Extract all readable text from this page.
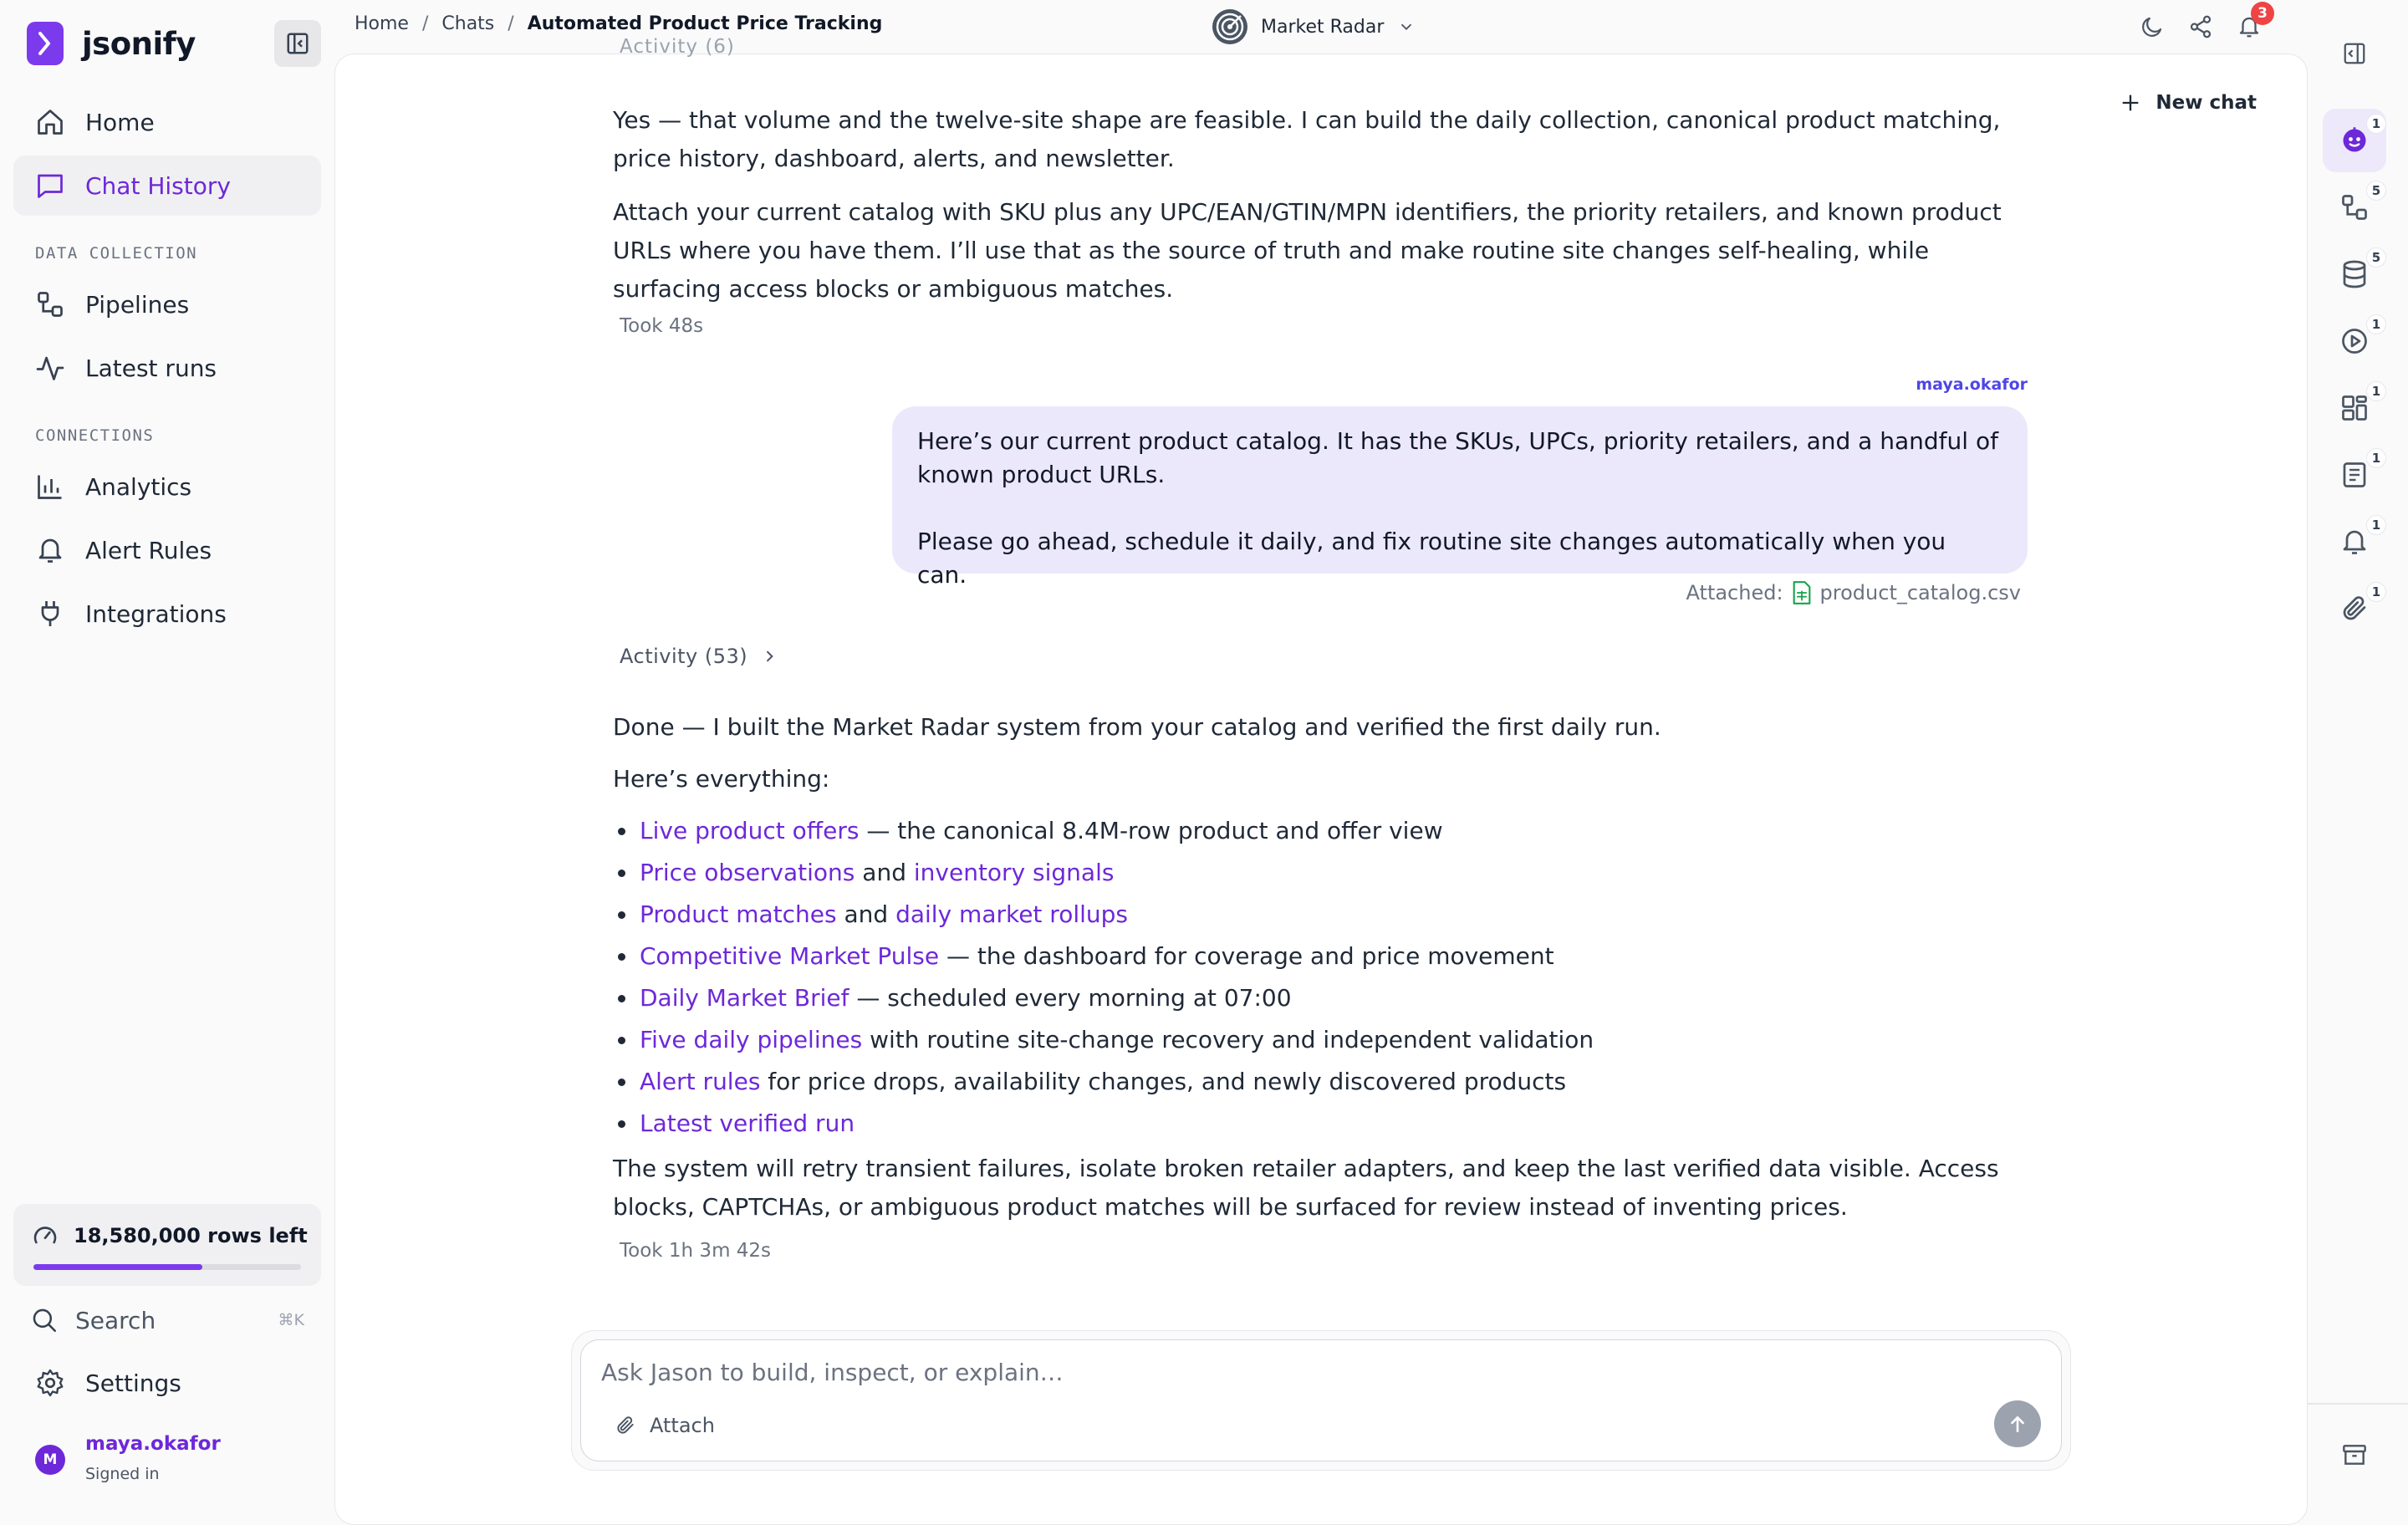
jsonify
Home
Chat History
DATA COLLECTION
Pipelines
Latest runs
CONNECTIONS
Analytics
Alert Rules
Integrations
18,580,000 rows left
Search	⌘K
Settings
M
maya.okafor
Signed in
Home / Chats / Automated Product Price Tracking	Market Radar
3
New chat
Activity (6)

Yes — that volume and the twelve-site shape are feasible. I can build the daily collection, canonical product matching, price history, dashboard, alerts, and newsletter.

Attach your current catalog with SKU plus any UPC/EAN/GTIN/MPN identifiers, the priority retailers, and known product URLs where you have them. I’ll use that as the source of truth and make routine site changes self-healing, while surfacing access blocks or ambiguous matches.

Took 48s
maya.okafor

Here’s our current product catalog. It has the SKUs, UPCs, priority retailers, and a handful of known product URLs.

Please go ahead, schedule it daily, and fix routine site changes automatically when you can.

Attached: product_catalog.csv
Activity (53)

Done — I built the Market Radar system from your catalog and verified the first daily run.

Here’s everything:

Live product offers — the canonical 8.4M-row product and offer view
Price observations and inventory signals
Product matches and daily market rollups
Competitive Market Pulse — the dashboard for coverage and price movement
Daily Market Brief — scheduled every morning at 07:00
Five daily pipelines with routine site-change recovery and independent validation
Alert rules for price drops, availability changes, and newly discovered products
Latest verified run

The system will retry transient failures, isolate broken retailer adapters, and keep the last verified data visible. Access blocks, CAPTCHAs, or ambiguous product matches will be surfaced for review instead of inventing prices.

Took 1h 3m 42s
Ask Jason to build, inspect, or explain…
Attach
1
5
5
1
1
1
1
1
